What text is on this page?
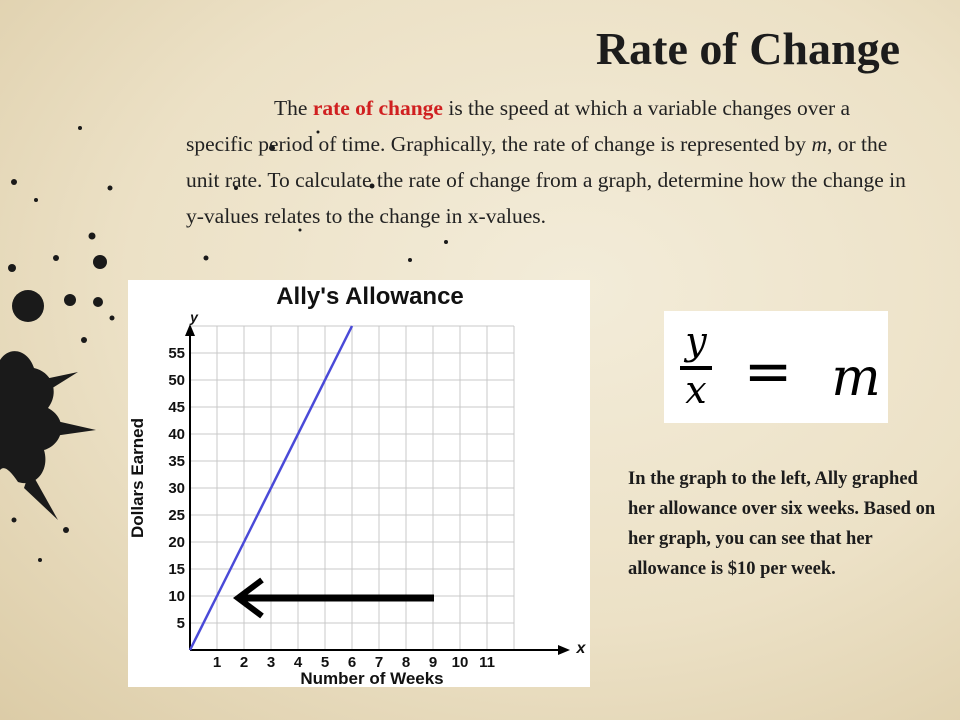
Rate of Change
The rate of change is the speed at which a variable changes over a specific period of time. Graphically, the rate of change is represented by m, or the unit rate. To calculate the rate of change from a graph, determine how the change in y-values relates to the change in x-values.
1 2 3 4 5 6 7 8 9 10 11
5
10
15
20
25
30
35
40
45
50
55
Ally's Allowance
Number of Weeks
Dollars Earned
x
y
y
x = m
In the graph to the left, Ally graphed her allowance over six weeks. Based on her graph, you can see that her allowance is $10 per week.
